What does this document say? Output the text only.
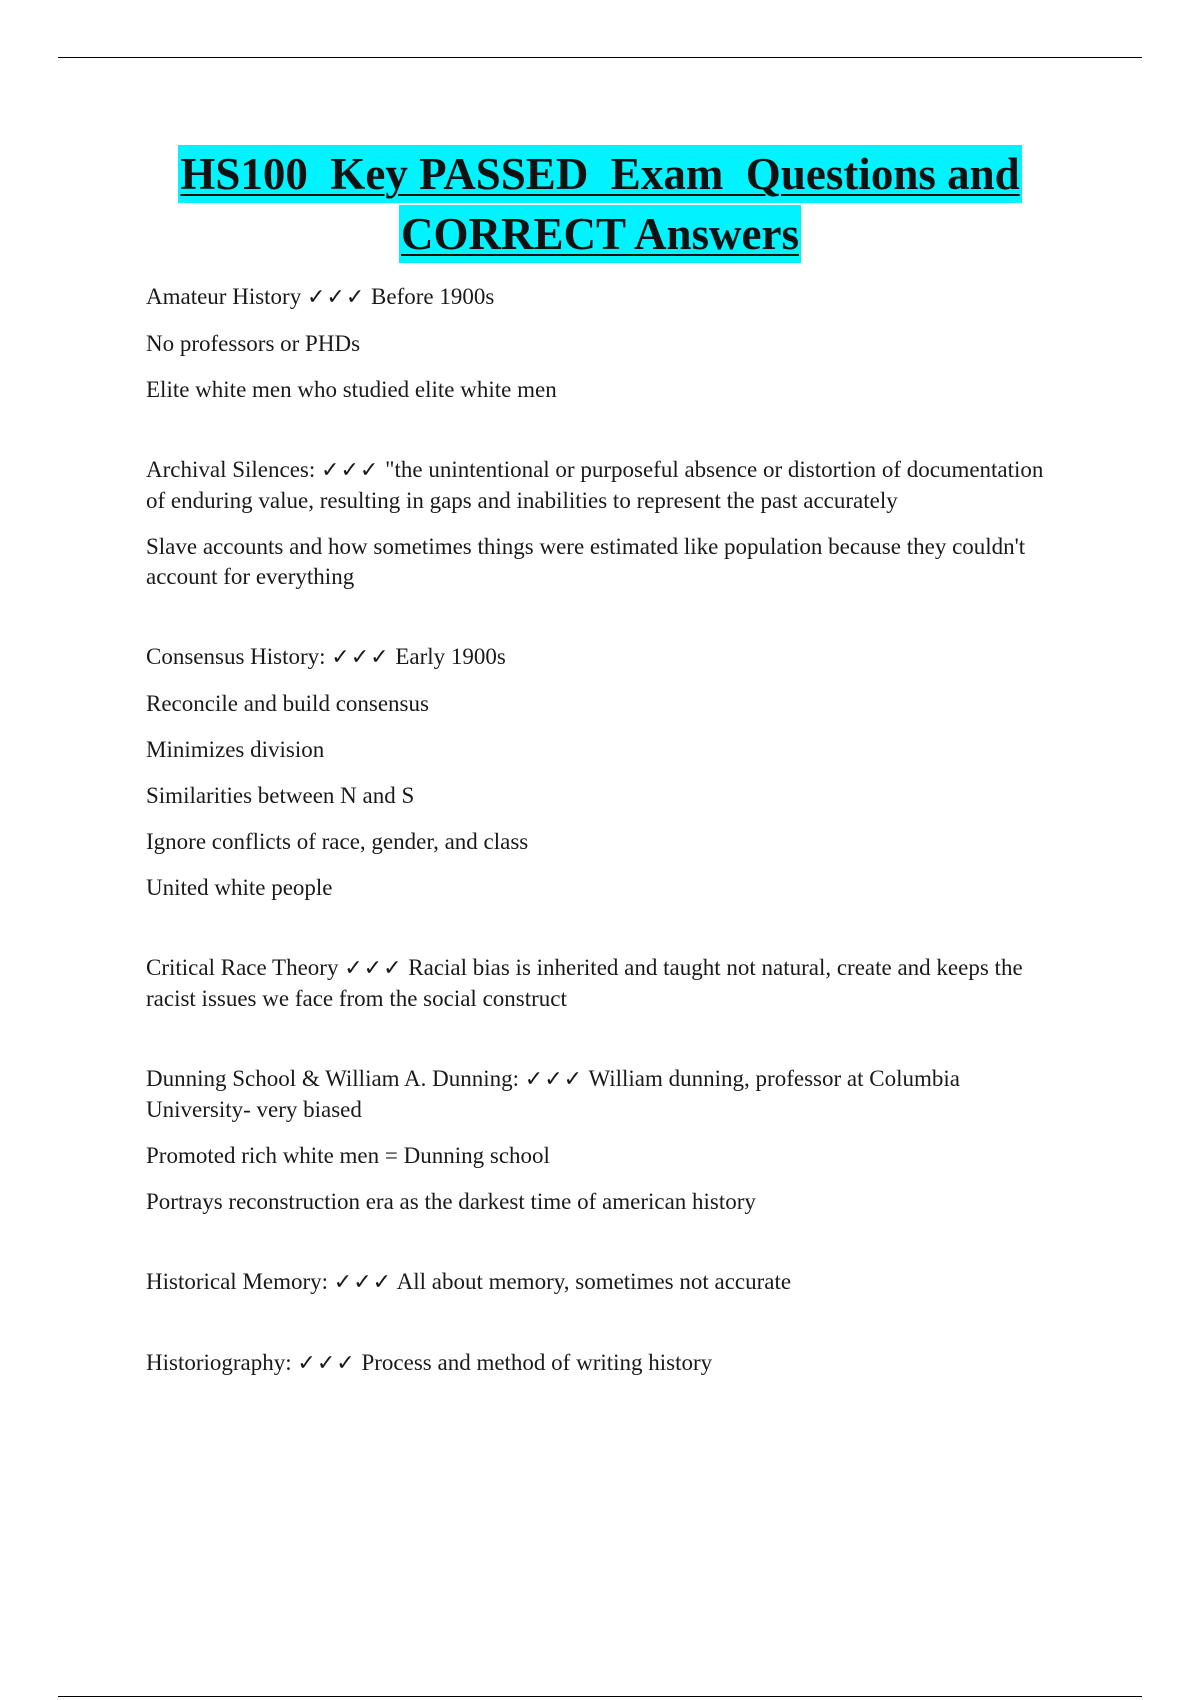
HS100  Key PASSED  Exam  Questions and
CORRECT Answers

Amateur History ✓✓✓ Before 1900s

No professors or PHDs

Elite white men who studied elite white men

Archival Silences: ✓✓✓ "the unintentional or purposeful absence or distortion of documentation of enduring value, resulting in gaps and inabilities to represent the past accurately

Slave accounts and how sometimes things were estimated like population because they couldn't account for everything

Consensus History: ✓✓✓ Early 1900s

Reconcile and build consensus

Minimizes division

Similarities between N and S

Ignore conflicts of race, gender, and class

United white people

Critical Race Theory ✓✓✓ Racial bias is inherited and taught not natural, create and keeps the racist issues we face from the social construct

Dunning School & William A. Dunning: ✓✓✓ William dunning, professor at Columbia University- very biased

Promoted rich white men = Dunning school

Portrays reconstruction era as the darkest time of american history

Historical Memory: ✓✓✓ All about memory, sometimes not accurate

Historiography: ✓✓✓ Process and method of writing history
